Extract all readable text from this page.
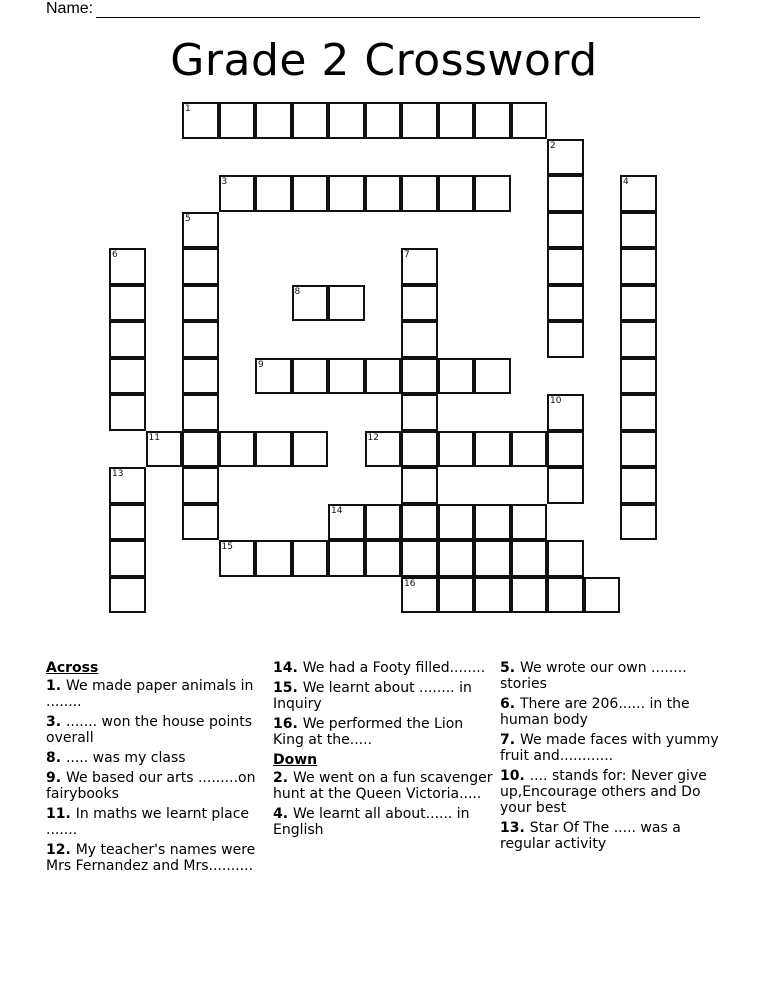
Name:
Grade 2 Crossword
1
2
3	4
5
6	7
16
8
9
10
11	12
13
14
15
Across
1. We made paper animals in ........
3. ....... won the house points overall
8. ..... was my class
9. We based our arts .........on fairybooks
11. In maths we learnt place .......
12. My teacher's names were Mrs Fernandez and Mrs..........
14. We had a Footy filled........
15. We learnt about ........ in Inquiry
16. We performed the Lion King at the.....
Down
2. We went on a fun scavenger hunt at the Queen Victoria.....
4. We learnt all about...... in English
5. We wrote our own ........ stories
6. There are 206...... in the human body
7. We made faces with yummy fruit and............
10. .... stands for: Never give up,Encourage others and Do your best
13. Star Of The ..... was a regular activity
